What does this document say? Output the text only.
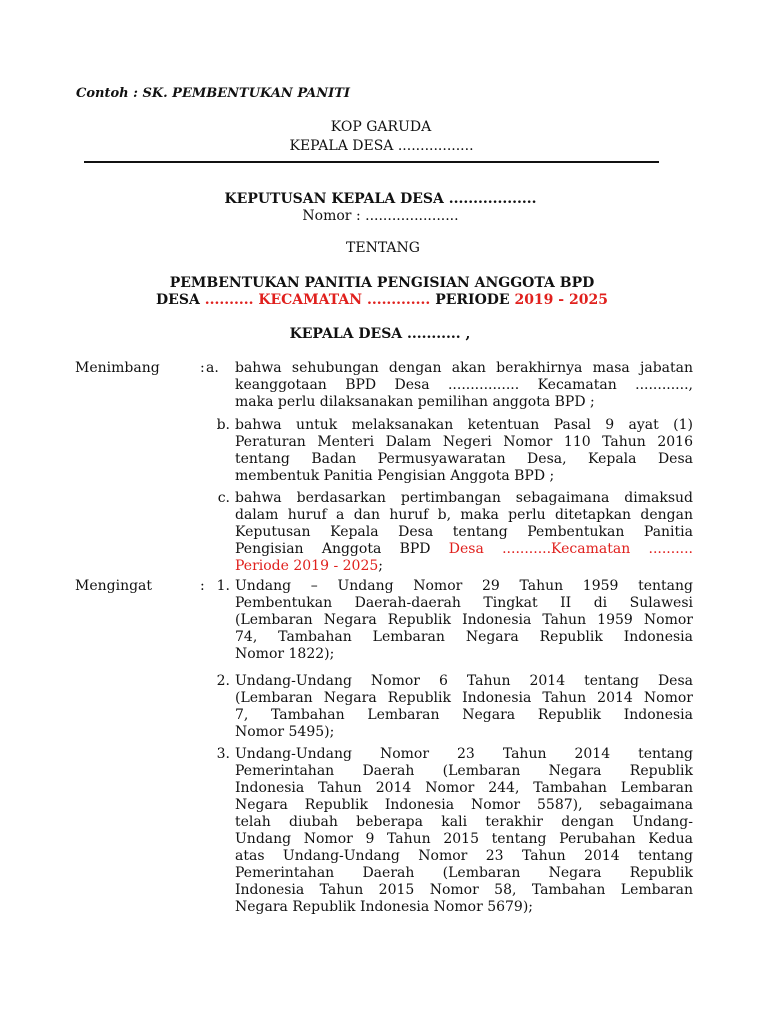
Contoh : SK. PEMBENTUKAN PANITI
KOP GARUDA
KEPALA DESA .................
KEPUTUSAN KEPALA DESA ..................
Nomor : .....................
TENTANG
PEMBENTUKAN PANITIA PENGISIAN ANGGOTA BPD
DESA .......... KECAMATAN ............. PERIODE 2019 - 2025
KEPALA DESA ........... ,
Menimbang	: a.	bahwa sehubungan dengan akan berakhirnya masa jabatan
keanggotaan BPD Desa ................ Kecamatan ............,
maka perlu dilaksanakan pemilihan anggota BPD ;
b. bahwa untuk melaksanakan ketentuan Pasal 9 ayat (1)
Peraturan Menteri Dalam Negeri Nomor 110 Tahun 2016
tentang Badan Permusyawaratan Desa, Kepala Desa
membentuk Panitia Pengisian Anggota BPD ;
c. bahwa berdasarkan pertimbangan sebagaimana dimaksud
dalam huruf a dan huruf b, maka perlu ditetapkan dengan
Keputusan Kepala Desa tentang Pembentukan Panitia
Pengisian Anggota BPD Desa ...........Kecamatan ..........
Periode 2019 - 2025;
Mengingat	: 1. Undang – Undang Nomor 29 Tahun 1959 tentang
Pembentukan Daerah-daerah Tingkat II di Sulawesi
(Lembaran Negara Republik Indonesia Tahun 1959 Nomor
74, Tambahan Lembaran Negara Republik Indonesia
Nomor 1822);
2. Undang-Undang Nomor 6 Tahun 2014 tentang Desa
(Lembaran Negara Republik Indonesia Tahun 2014 Nomor
7, Tambahan Lembaran Negara Republik Indonesia
Nomor 5495);
3. Undang-Undang Nomor 23 Tahun 2014 tentang
Pemerintahan Daerah (Lembaran Negara Republik
Indonesia Tahun 2014 Nomor 244, Tambahan Lembaran
Negara Republik Indonesia Nomor 5587), sebagaimana
telah diubah beberapa kali terakhir dengan Undang-
Undang Nomor 9 Tahun 2015 tentang Perubahan Kedua
atas Undang-Undang Nomor 23 Tahun 2014 tentang
Pemerintahan Daerah (Lembaran Negara Republik
Indonesia Tahun 2015 Nomor 58, Tambahan Lembaran
Negara Republik Indonesia Nomor 5679);
